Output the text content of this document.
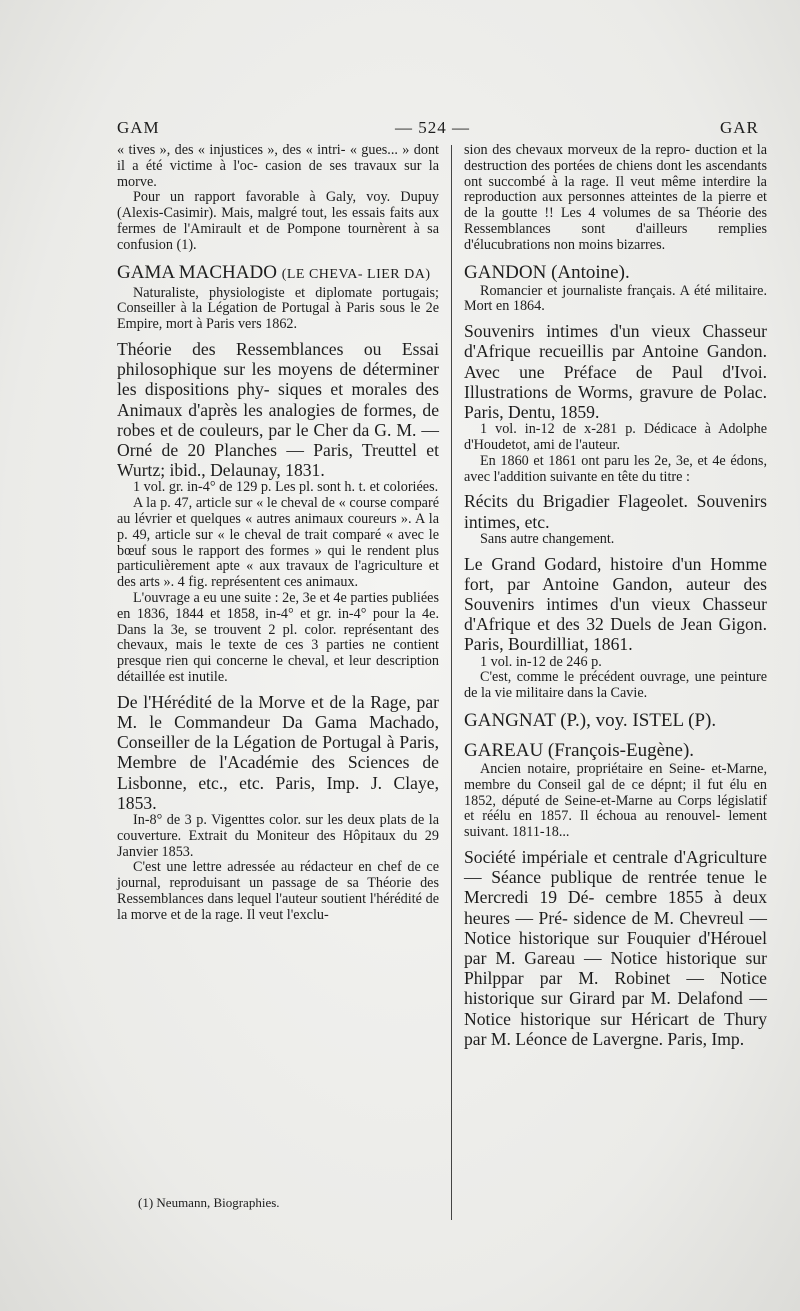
GAM	— 524 —	GAR

« tives », des « injustices », des « intri- « gues... » dont il a été victime à l'oc- casion de ses travaux sur la morve.

Pour un rapport favorable à Galy, voy. Dupuy (Alexis-Casimir). Mais, malgré tout, les essais faits aux fermes de l'Amirault et de Pompone tournèrent à sa confusion (1).

GAMA MACHADO (LE CHEVA- LIER DA)

Naturaliste, physiologiste et diplomate portugais; Conseiller à la Légation de Portugal à Paris sous le 2e Empire, mort à Paris vers 1862.

Théorie des Ressemblances ou Essai philosophique sur les moyens de déterminer les dispositions phy- siques et morales des Animaux d'après les analogies de formes, de robes et de couleurs, par le Cher da G. M. — Orné de 20 Planches — Paris, Treuttel et Wurtz; ibid., Delaunay, 1831.

1 vol. gr. in-4° de 129 p. Les pl. sont h. t. et coloriées.

A la p. 47, article sur « le cheval de « course comparé au lévrier et quelques « autres animaux coureurs ». A la p. 49, article sur « le cheval de trait comparé « avec le bœuf sous le rapport des formes » qui le rendent plus particulièrement apte « aux travaux de l'agriculture et des arts ». 4 fig. représentent ces animaux.

L'ouvrage a eu une suite : 2e, 3e et 4e parties publiées en 1836, 1844 et 1858, in-4° et gr. in-4° pour la 4e. Dans la 3e, se trouvent 2 pl. color. représentant des chevaux, mais le texte de ces 3 parties ne contient presque rien qui concerne le cheval, et leur description détaillée est inutile.

De l'Hérédité de la Morve et de la Rage, par M. le Commandeur Da Gama Machado, Conseiller de la Légation de Portugal à Paris, Membre de l'Académie des Sciences de Lisbonne, etc., etc. Paris, Imp. J. Claye, 1853.

In-8° de 3 p. Vigenttes color. sur les deux plats de la couverture. Extrait du Moniteur des Hôpitaux du 29 Janvier 1853.

C'est une lettre adressée au rédacteur en chef de ce journal, reproduisant un passage de sa Théorie des Ressemblances dans lequel l'auteur soutient l'hérédité de la morve et de la rage. Il veut l'exclu-

(1) Neumann, Biographies.

sion des chevaux morveux de la repro- duction et la destruction des portées de chiens dont les ascendants ont succombé à la rage. Il veut même interdire la reproduction aux personnes atteintes de la pierre et de la goutte !! Les 4 volumes de sa Théorie des Ressemblances sont d'ailleurs remplies d'élucubrations non moins bizarres.

GANDON (Antoine).

Romancier et journaliste français. A été militaire. Mort en 1864.

Souvenirs intimes d'un vieux Chasseur d'Afrique recueillis par Antoine Gandon. Avec une Préface de Paul d'Ivoi. Illustrations de Worms, gravure de Polac. Paris, Dentu, 1859.

1 vol. in-12 de x-281 p. Dédicace à Adolphe d'Houdetot, ami de l'auteur.

En 1860 et 1861 ont paru les 2e, 3e, et 4e édons, avec l'addition suivante en tête du titre :

Récits du Brigadier Flageolet. Souvenirs intimes, etc.

Sans autre changement.

Le Grand Godard, histoire d'un Homme fort, par Antoine Gandon, auteur des Souvenirs intimes d'un vieux Chasseur d'Afrique et des 32 Duels de Jean Gigon. Paris, Bourdilliat, 1861.

1 vol. in-12 de 246 p.

C'est, comme le précédent ouvrage, une peinture de la vie militaire dans la Cavie.

GANGNAT (P.), voy. ISTEL (P).

GAREAU (François-Eugène).

Ancien notaire, propriétaire en Seine- et-Marne, membre du Conseil gal de ce dépnt; il fut élu en 1852, député de Seine-et-Marne au Corps législatif et réélu en 1857. Il échoua au renouvel- lement suivant. 1811-18...

Société impériale et centrale d'Agriculture — Séance publique de rentrée tenue le Mercredi 19 Dé- cembre 1855 à deux heures — Pré- sidence de M. Chevreul — Notice historique sur Fouquier d'Hérouel par M. Gareau — Notice historique sur Philppar par M. Robinet — Notice historique sur Girard par M. Delafond — Notice historique sur Héricart de Thury par M. Léonce de Lavergne. Paris, Imp.
